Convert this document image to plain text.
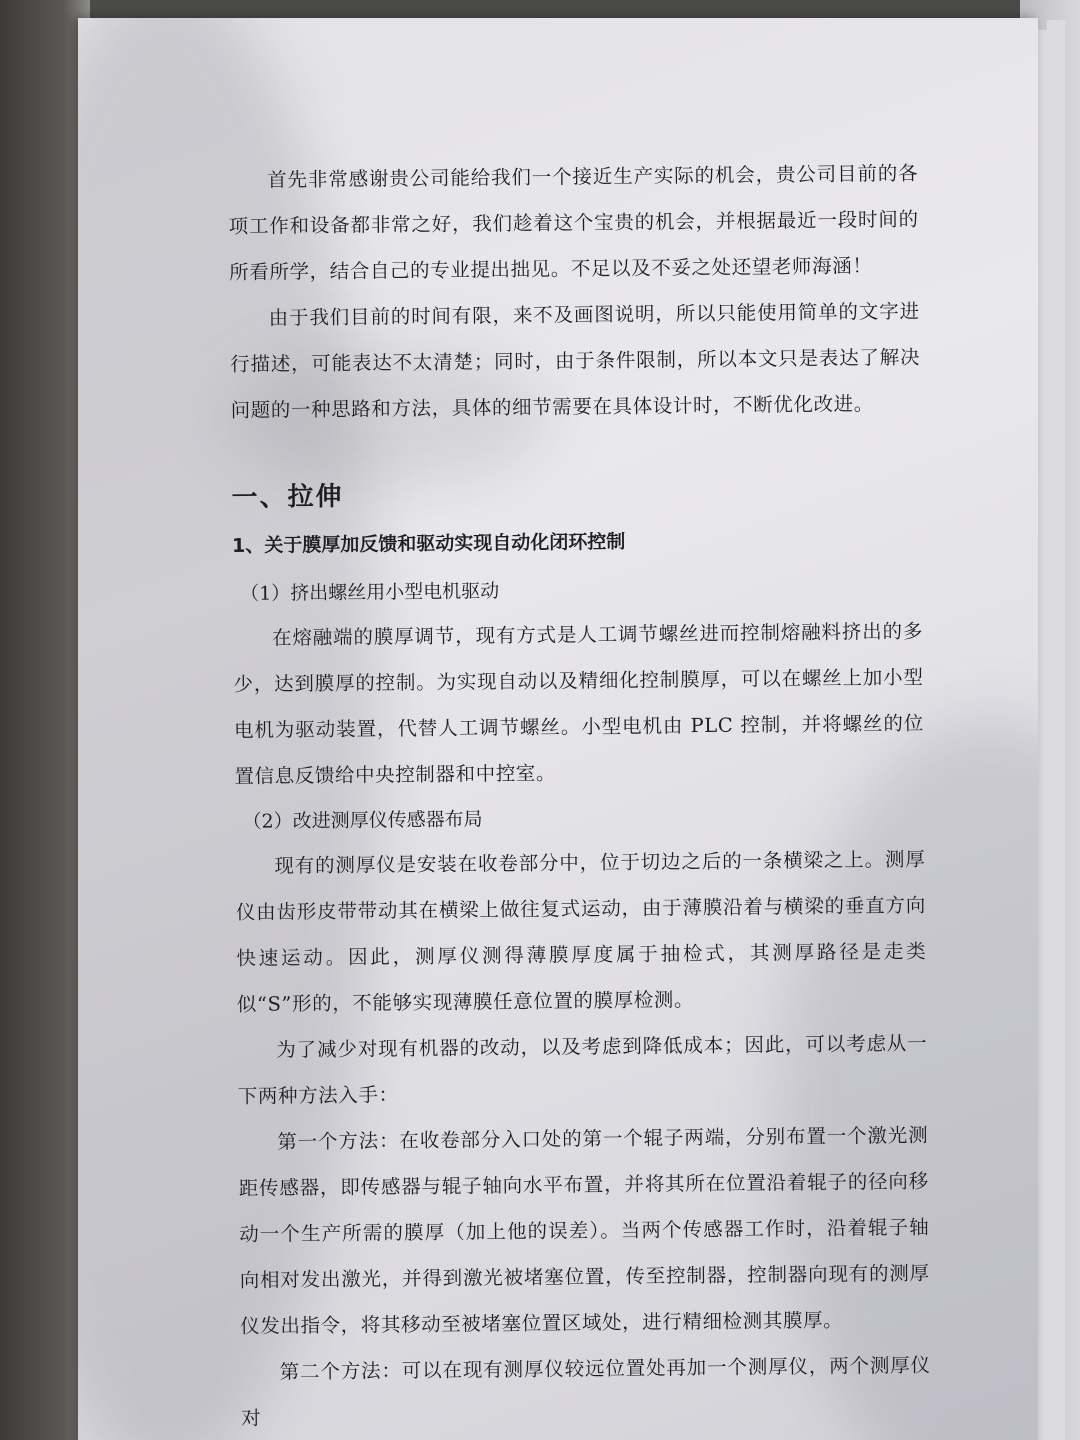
首先非常感谢贵公司能给我们一个接近生产实际的机会，贵公司目前的各项工作和设备都非常之好，我们趁着这个宝贵的机会，并根据最近一段时间的所看所学，结合自己的专业提出拙见。不足以及不妥之处还望老师海涵！

由于我们目前的时间有限，来不及画图说明，所以只能使用简单的文字进行描述，可能表达不太清楚；同时，由于条件限制，所以本文只是表达了解决问题的一种思路和方法，具体的细节需要在具体设计时，不断优化改进。

一、拉伸
1、关于膜厚加反馈和驱动实现自动化闭环控制

（1）挤出螺丝用小型电机驱动

在熔融端的膜厚调节，现有方式是人工调节螺丝进而控制熔融料挤出的多少，达到膜厚的控制。为实现自动以及精细化控制膜厚，可以在螺丝上加小型电机为驱动装置，代替人工调节螺丝。小型电机由 PLC 控制，并将螺丝的位置信息反馈给中央控制器和中控室。

（2）改进测厚仪传感器布局

现有的测厚仪是安装在收卷部分中，位于切边之后的一条横梁之上。测厚仪由齿形皮带带动其在横梁上做往复式运动，由于薄膜沿着与横梁的垂直方向快速运动。因此，测厚仪测得薄膜厚度属于抽检式，其测厚路径是走类似“S”形的，不能够实现薄膜任意位置的膜厚检测。

为了减少对现有机器的改动，以及考虑到降低成本；因此，可以考虑从一下两种方法入手：

第一个方法：在收卷部分入口处的第一个辊子两端，分别布置一个激光测距传感器，即传感器与辊子轴向水平布置，并将其所在位置沿着辊子的径向移动一个生产所需的膜厚（加上他的误差）。当两个传感器工作时，沿着辊子轴向相对发出激光，并得到激光被堵塞位置，传至控制器，控制器向现有的测厚仪发出指令，将其移动至被堵塞位置区域处，进行精细检测其膜厚。

第二个方法：可以在现有测厚仪较远位置处再加一个测厚仪，两个测厚仪对
